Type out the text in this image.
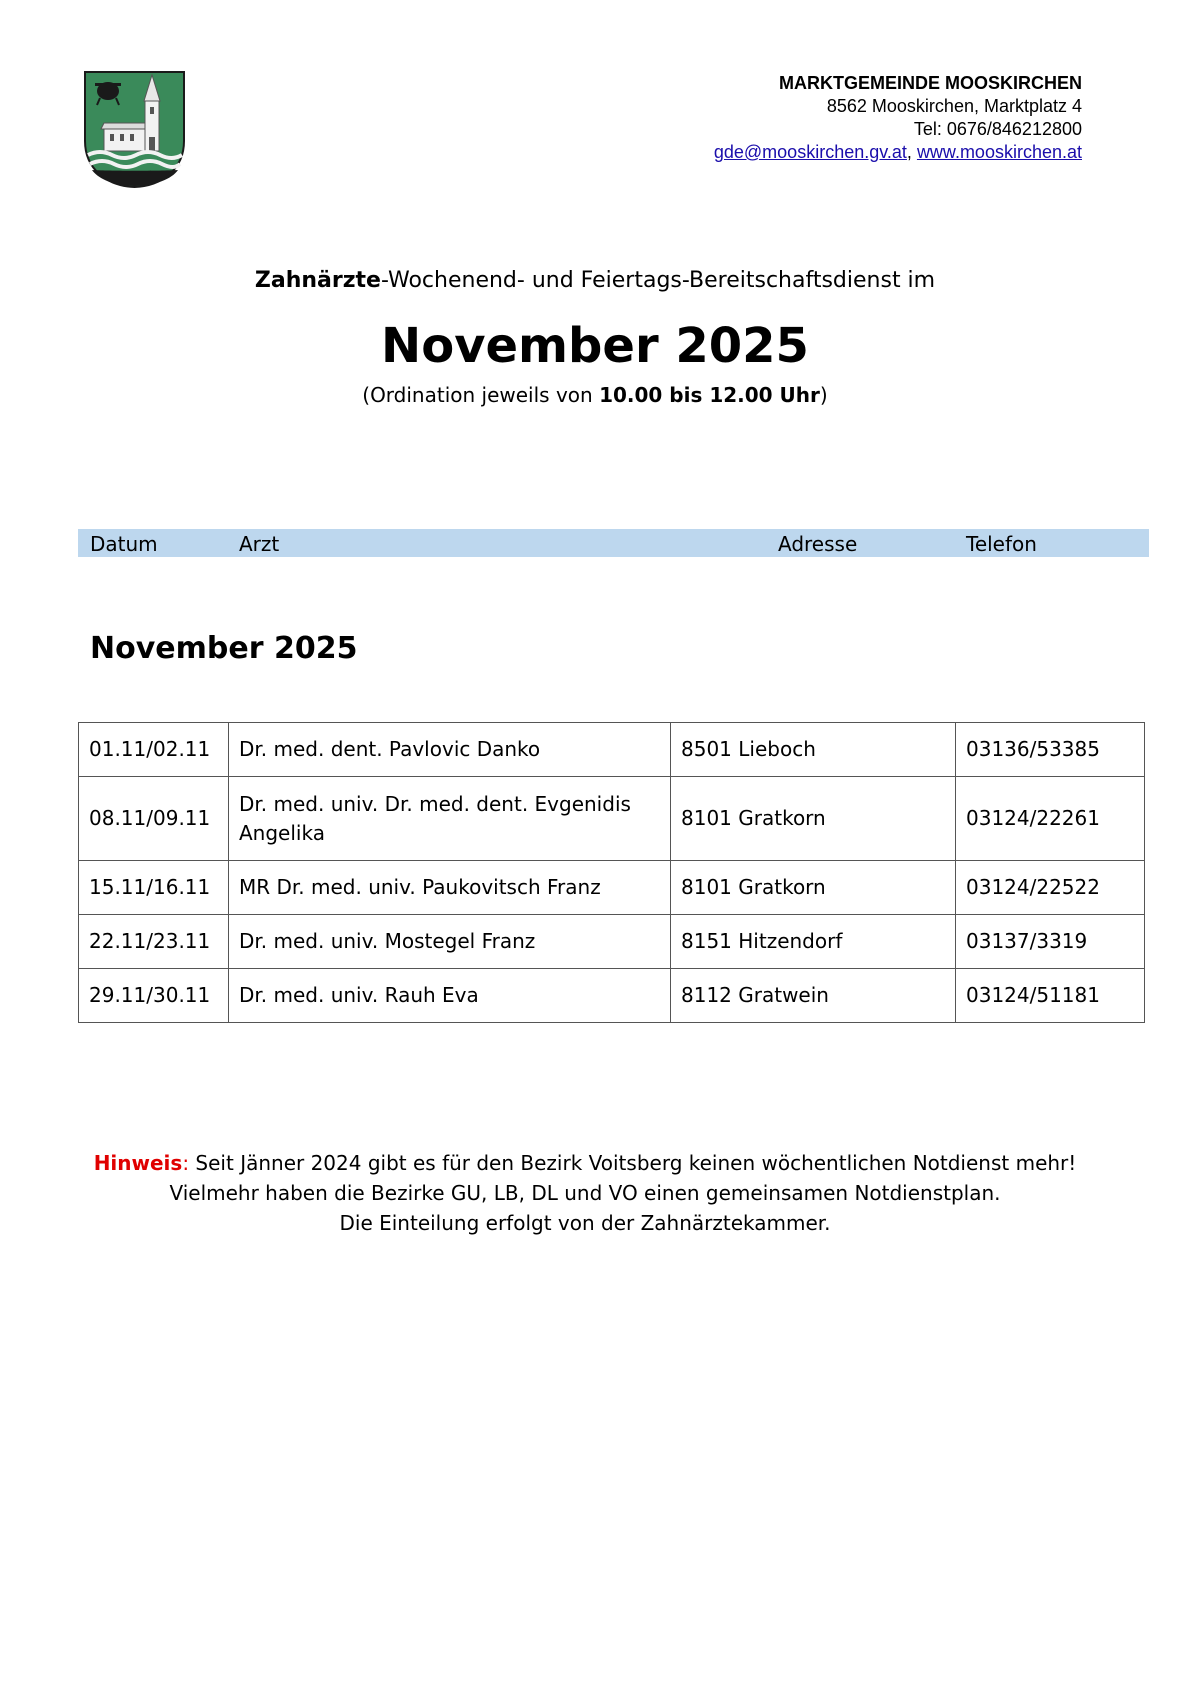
MARKTGEMEINDE MOOSKIRCHEN
8562 Mooskirchen, Marktplatz 4
Tel: 0676/846212800
gde@mooskirchen.gv.at, www.mooskirchen.at
Zahnärzte-Wochenend- und Feiertags-Bereitschaftsdienst im
November 2025
(Ordination jeweils von 10.00 bis 12.00 Uhr)
Datum	Arzt	Adresse	Telefon
November 2025
01.11/02.11	Dr. med. dent. Pavlovic Danko	8501 Lieboch	03136/53385
08.11/09.11	Dr. med. univ. Dr. med. dent. Evgenidis Angelika	8101 Gratkorn	03124/22261
15.11/16.11	MR Dr. med. univ. Paukovitsch Franz	8101 Gratkorn	03124/22522
22.11/23.11	Dr. med. univ. Mostegel Franz	8151 Hitzendorf	03137/3319
29.11/30.11	Dr. med. univ. Rauh Eva	8112 Gratwein	03124/51181
Hinweis: Seit Jänner 2024 gibt es für den Bezirk Voitsberg keinen wöchentlichen Notdienst mehr!
Vielmehr haben die Bezirke GU, LB, DL und VO einen gemeinsamen Notdienstplan.
Die Einteilung erfolgt von der Zahnärztekammer.
